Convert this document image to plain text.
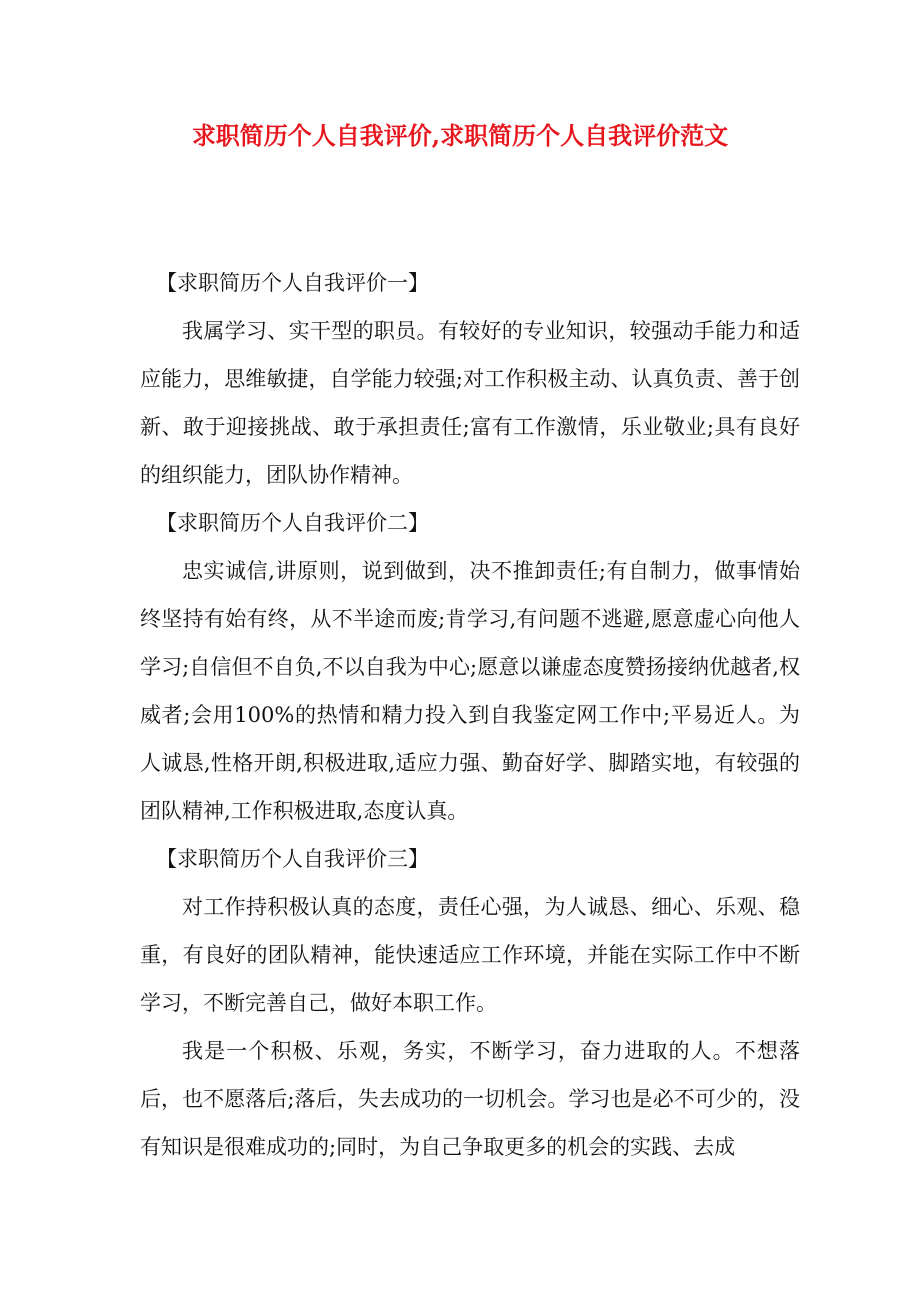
求职简历个人自我评价,求职简历个人自我评价范文

【求职简历个人自我评价一】

我属学习、实干型的职员。有较好的专业知识，较强动手能力和适应能力，思维敏捷，自学能力较强;对工作积极主动、认真负责、善于创新、敢于迎接挑战、敢于承担责任;富有工作激情，乐业敬业;具有良好的组织能力，团队协作精神。

【求职简历个人自我评价二】

忠实诚信,讲原则，说到做到，决不推卸责任;有自制力，做事情始终坚持有始有终，从不半途而废;肯学习,有问题不逃避,愿意虚心向他人学习;自信但不自负,不以自我为中心;愿意以谦虚态度赞扬接纳优越者,权威者;会用100%的热情和精力投入到自我鉴定网工作中;平易近人。为人诚恳,性格开朗,积极进取,适应力强、勤奋好学、脚踏实地，有较强的团队精神,工作积极进取,态度认真。

【求职简历个人自我评价三】

对工作持积极认真的态度，责任心强，为人诚恳、细心、乐观、稳重，有良好的团队精神，能快速适应工作环境，并能在实际工作中不断学习，不断完善自己，做好本职工作。

我是一个积极、乐观，务实，不断学习，奋力进取的人。不想落后，也不愿落后;落后，失去成功的一切机会。学习也是必不可少的，没有知识是很难成功的;同时，为自己争取更多的机会的实践、去成
